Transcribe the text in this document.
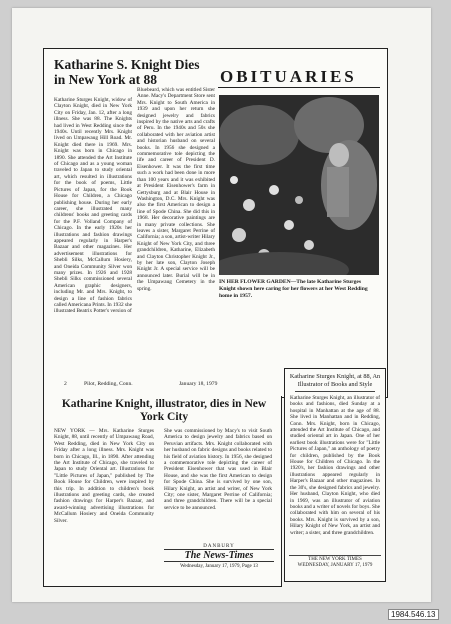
Katharine S. Knight Dies in New York at 88	OBITUARIES
Katharine Sturges Knight, widow of Clayton Knight, died in New York City on Friday, Jan. 12, after a long illness. She was 88. The Knights had lived in West Redding since the 1940s. Until recently Mrs. Knight lived on Umpawaug Hill Road. Mr. Knight died there in 1969. Mrs. Knight was born in Chicago in 1890. She attended the Art Institute of Chicago and as a young woman traveled to Japan to study oriental art, which resulted in illustrations for the book of poems, Little Pictures of Japan, for the Book House for Children, a Chicago publishing house. During her early career, she illustrated many childrens' books and greeting cards for the P.F. Volland Company of Chicago. In the early 1920s her illustrations and fashion drawings appeared regularly in Harper's Bazaar and other magazines. Her advertisement illustrations for Shebli Silks, McCallum Hosiery, and Oneida Community Silver won many prizes. In 1926 and 1928 Shebli Silks commissioned several American graphic designers, including Mr. and Mrs. Knight, to design a line of fashion fabrics called Americana Prints. In 1932 she illustrated Beatrix Potter's version of
Bluebeard, which was entitled Sister Anne. Macy's Department Store sent Mrs. Knight to South America in 1939 and upon her return she designed jewelry and fabrics inspired by the native arts and crafts of Peru. In the 1940s and 50s she collaborated with her aviation artist and historian husband on several books. In 1956 she designed a commemorative tole depicting the life and career of President D. Eisenhower. It was the first time such a work had been done in more than 100 years and it was exhibited at President Eisenhower's farm in Gettysburg and at Blair House in Washington, D.C. Mrs. Knight was also the first American to design a line of Spode China. She did this in 1968. Her decorative paintings are in many private collections. She leaves a sister, Margaret Perrine of California; a son, artist-writer Hilary Knight of New York City, and three grandchildren, Katharine, Elizabeth and Clayton Christopher Knight Jr., by her late son, Clayton Joseph Knight Jr. A special service will be announced later. Burial will be in the Umpawaug Cemetery in the spring.
IN HER FLOWER GARDEN—The late Katharine Sturges Knight shown here caring for her flowers at her West Redding home in 1957.
2	Pilot, Redding, Conn.	January 18, 1979
Katharine Knight, illustrator, dies in New York City
NEW YORK — Mrs. Katharine Sturges Knight, 88, until recently of Umpawaug Road, West Redding, died in New York City on Friday after a long illness. Mrs. Knight was born in Chicago, Ill., in 1890. After attending the Art Institute of Chicago, she traveled to Japan to study Oriental art. Illustrations for "Little Pictures of Japan," published by The Book House for Children, were inspired by this trip. In addition to children's book illustrations and greeting cards, she created fashion drawings for Harper's Bazaar, and award-winning advertising illustrations for McCallum Hosiery and Oneida Community Silver.
She was commissioned by Macy's to visit South America to design jewelry and fabrics based on Peruvian artifacts. Mrs. Knight collaborated with her husband on fabric designs and books related to his field of aviation history. In 1956, she designed a commemorative tole depicting the career of President Eisenhower that was used in Blair House, and she was the first American to design for Spode China. She is survived by one son, Hilary Knight, an artist and writer, of New York City; one sister, Margaret Perrine of California; and three grandchildren. There will be a special service to be announced.
DANBURY
The News-Times
Wednesday, January 17, 1979, Page 13
Katharine Sturges Knight, at 88, An Illustrator of Books and Style
Katharine Sturges Knight, an illustrator of books and fashions, died Sunday at a hospital in Manhattan at the age of 88. She lived in Manhattan and in Redding, Conn. Mrs. Knight, born in Chicago, attended the Art Institute of Chicago, and studied oriental art in Japan. One of her earliest book illustrations were for "Little Pictures of Japan," an anthology of poetry for children, published by the Book House for Children of Chicago. In the 1920's, her fashion drawings and other illustrations appeared regularly in Harper's Bazaar and other magazines. In the 30's, she designed fabrics and jewelry. Her husband, Clayton Knight, who died in 1969, was an illustrator of aviation books and a writer of novels for boys. She collaborated with him on several of his books. Mrs. Knight is survived by a son, Hilary Knight of New York, an artist and writer; a sister, and three grandchildren.
THE NEW YORK TIMES
WEDNESDAY, JANUARY 17, 1979
1984.546.13
